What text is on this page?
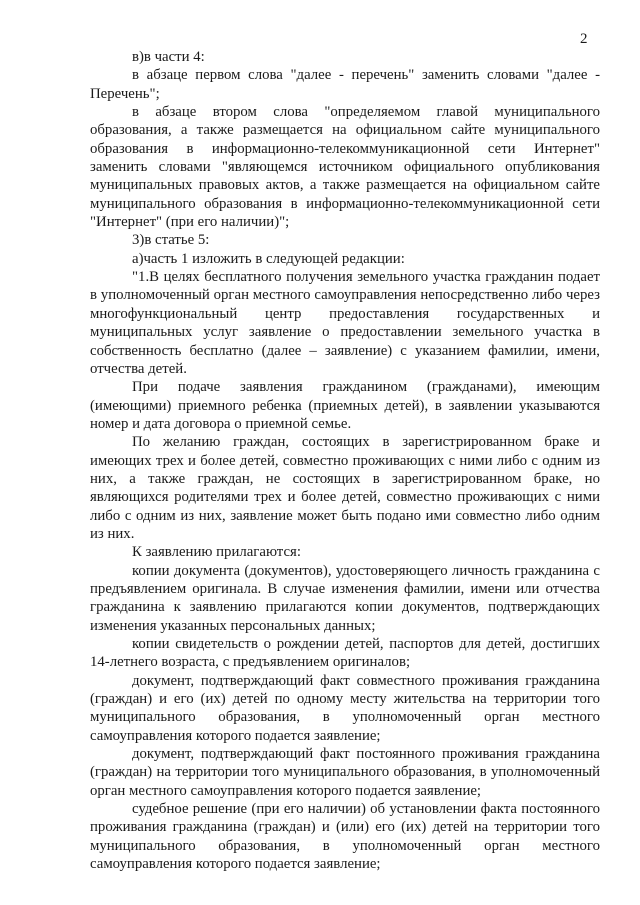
2

в)в части 4:

в абзаце первом слова "далее - перечень" заменить словами "далее - Перечень";

в абзаце втором слова "определяемом главой муниципального образования, а также размещается на официальном сайте муниципального образования в информационно-телекоммуникационной сети Интернет" заменить словами "являющемся источником официального опубликования муниципальных правовых актов, а также размещается на официальном сайте муниципального образования в информационно-телекоммуникационной сети "Интернет" (при его наличии)";

3)в статье 5:

а)часть 1 изложить в следующей редакции:

"1.В целях бесплатного получения земельного участка гражданин подает в уполномоченный орган местного самоуправления непосредственно либо через многофункциональный центр предоставления государственных и муниципальных услуг заявление о предоставлении земельного участка в собственность бесплатно (далее – заявление) с указанием фамилии, имени, отчества детей.

При подаче заявления гражданином (гражданами), имеющим (имеющими) приемного ребенка (приемных детей), в заявлении указываются номер и дата договора о приемной семье.

По желанию граждан, состоящих в зарегистрированном браке и имеющих трех и более детей, совместно проживающих с ними либо с одним из них, а также граждан, не состоящих в зарегистрированном браке, но являющихся родителями трех и более детей, совместно проживающих с ними либо с одним из них, заявление может быть подано ими совместно либо одним из них.

К заявлению прилагаются:

копии документа (документов), удостоверяющего личность гражданина с предъявлением оригинала. В случае изменения фамилии, имени или отчества гражданина к заявлению прилагаются копии документов, подтверждающих изменения указанных персональных данных;

копии свидетельств о рождении детей, паспортов для детей, достигших 14-летнего возраста, с предъявлением оригиналов;

документ, подтверждающий факт совместного проживания гражданина (граждан) и его (их) детей по одному месту жительства на территории того муниципального образования, в уполномоченный орган местного самоуправления которого подается заявление;

документ, подтверждающий факт постоянного проживания гражданина (граждан) на территории того муниципального образования, в уполномоченный орган местного самоуправления которого подается заявление;

судебное решение (при его наличии) об установлении факта постоянного проживания гражданина (граждан) и (или) его (их) детей на территории того муниципального образования, в уполномоченный орган местного самоуправления которого подается заявление;
